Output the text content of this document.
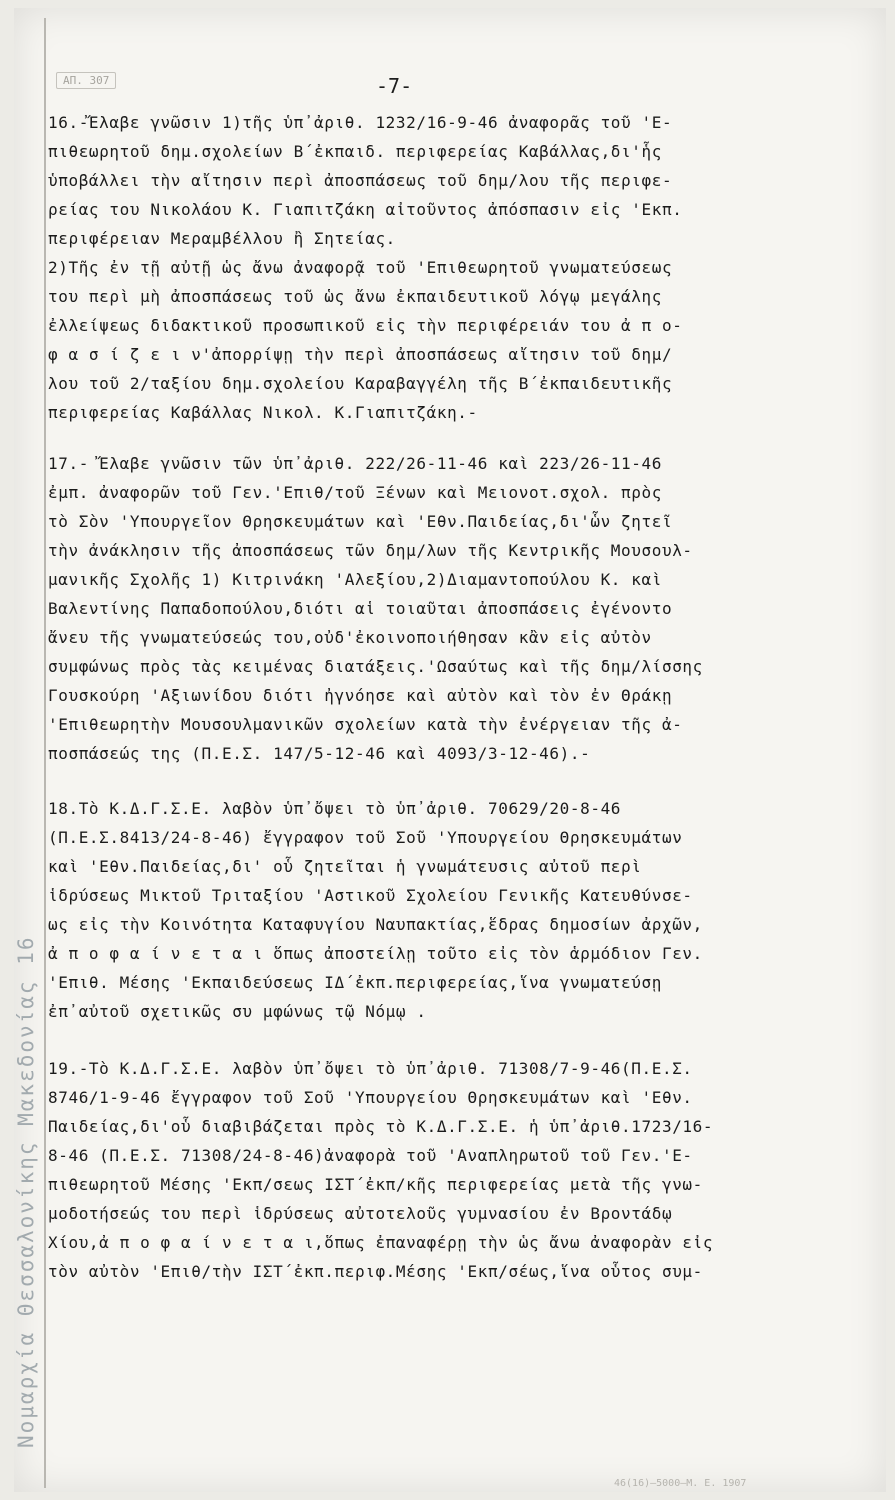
Νομαρχία Θεσσαλονίκης Μακεδονίας 16
ΑΠ. 307	-7-
16.-Ἔλαβε γνῶσιν 1)τῆς ὑπ᾽ἀριθ. 1232/16-9-46 ἀναφορᾶς τοῦ 'Ε-
πιθεωρητοῦ δημ.σχολείων Β΄ἐκπαιδ. περιφερείας Καβάλλας,δι'ἧς
ὑποβάλλει τὴν αἴτησιν περὶ ἀποσπάσεως τοῦ δημ/λου τῆς περιφε-
ρείας του Νικολάου Κ. Γιαπιτζάκη αἰτοῦντος ἀπόσπασιν εἰς 'Εκπ.
περιφέρειαν Μεραμβέλλου ἢ Σητείας.
2)Τῆς ἐν τῇ αὐτῇ ὡς ἄνω ἀναφορᾷ τοῦ 'Επιθεωρητοῦ γνωματεύσεως
του περὶ μὴ ἀποσπάσεως τοῦ ὡς ἄνω ἐκπαιδευτικοῦ λόγῳ μεγάλης
ἐλλείψεως διδακτικοῦ προσωπικοῦ εἰς τὴν περιφέρειάν του ἀ π ο-
φ α σ ί ζ ε ι ν'ἀπορρίψῃ τὴν περὶ ἀποσπάσεως αἴτησιν τοῦ δημ/
λου τοῦ 2/ταξίου δημ.σχολείου Καραβαγγέλη τῆς Β΄ἐκπαιδευτικῆς
περιφερείας Καβάλλας Νικολ. Κ.Γιαπιτζάκη.-
17.- Ἔλαβε γνῶσιν τῶν ὑπ᾽ἀριθ. 222/26-11-46 καὶ 223/26-11-46
ἐμπ. ἀναφορῶν τοῦ Γεν.'Επιθ/τοῦ Ξένων καὶ Μειονοτ.σχολ. πρὸς
τὸ Σὸν 'Υπουργεῖον Θρησκευμάτων καὶ 'Εθν.Παιδείας,δι'ὧν ζητεῖ
τὴν ἀνάκλησιν τῆς ἀποσπάσεως τῶν δημ/λων τῆς Κεντρικῆς Μουσουλ-
μανικῆς Σχολῆς 1) Κιτρινάκη 'Αλεξίου,2)Διαμαντοπούλου Κ. καὶ
Βαλεντίνης Παπαδοπούλου,διότι αἱ τοιαῦται ἀποσπάσεις ἐγένοντο
ἄνευ τῆς γνωματεύσεώς του,οὐδ'ἐκοινοποιήθησαν κἂν εἰς αὐτὸν
συμφώνως πρὸς τὰς κειμένας διατάξεις.'Ωσαύτως καὶ τῆς δημ/λίσσης
Γουσκούρη 'Αξιωνίδου διότι ἠγνόησε καὶ αὐτὸν καὶ τὸν ἐν Θράκῃ
'Επιθεωρητὴν Μουσουλμανικῶν σχολείων κατὰ τὴν ἐνέργειαν τῆς ἀ-
ποσπάσεώς της (Π.Ε.Σ. 147/5-12-46 καὶ 4093/3-12-46).-
18.Τὸ Κ.Δ.Γ.Σ.Ε. λαβὸν ὑπ᾽ὄψει τὸ ὑπ᾽ἀριθ. 70629/20-8-46
(Π.Ε.Σ.8413/24-8-46) ἔγγραφον τοῦ Σοῦ 'Υπουργείου Θρησκευμάτων
καὶ 'Εθν.Παιδείας,δι' οὗ ζητεῖται ἡ γνωμάτευσις αὐτοῦ περὶ
ἱδρύσεως Μικτοῦ Τριταξίου 'Αστικοῦ Σχολείου Γενικῆς Κατευθύνσε-
ως εἰς τὴν Κοινότητα Καταφυγίου Ναυπακτίας,ἕδρας δημοσίων ἀρχῶν,
ἀ π ο φ α ί ν ε τ α ι ὅπως ἀποστείλῃ τοῦτο εἰς τὸν ἁρμόδιον Γεν.
'Επιθ. Μέσης 'Εκπαιδεύσεως ΙΔ΄ἐκπ.περιφερείας,ἵνα γνωματεύσῃ
ἐπ᾽αὐτοῦ σχετικῶς συ μφώνως τῷ Νόμῳ .
19.-Τὸ Κ.Δ.Γ.Σ.Ε. λαβὸν ὑπ᾽ὄψει τὸ ὑπ᾽ἀριθ. 71308/7-9-46(Π.Ε.Σ.
8746/1-9-46 ἔγγραφον τοῦ Σοῦ 'Υπουργείου Θρησκευμάτων καὶ 'Εθν.
Παιδείας,δι'οὗ διαβιβάζεται πρὸς τὸ Κ.Δ.Γ.Σ.Ε. ἡ ὑπ᾽ἀριθ.1723/16-
8-46 (Π.Ε.Σ. 71308/24-8-46)ἀναφορὰ τοῦ 'Αναπληρωτοῦ τοῦ Γεν.'Ε-
πιθεωρητοῦ Μέσης 'Εκπ/σεως ΙΣΤ΄ἐκπ/κῆς περιφερείας μετὰ τῆς γνω-
μοδοτήσεώς του περὶ ἱδρύσεως αὐτοτελοῦς γυμνασίου ἐν Βροντάδῳ
Χίου,ἀ π ο φ α ί ν ε τ α ι,ὅπως ἐπαναφέρῃ τὴν ὡς ἄνω ἀναφορὰν εἰς
τὸν αὐτὸν 'Επιθ/τὴν ΙΣΤ΄ἐκπ.περιφ.Μέσης 'Εκπ/σέως,ἵνα οὗτος συμ-
46(16)—5000—Μ. Ε. 1907
